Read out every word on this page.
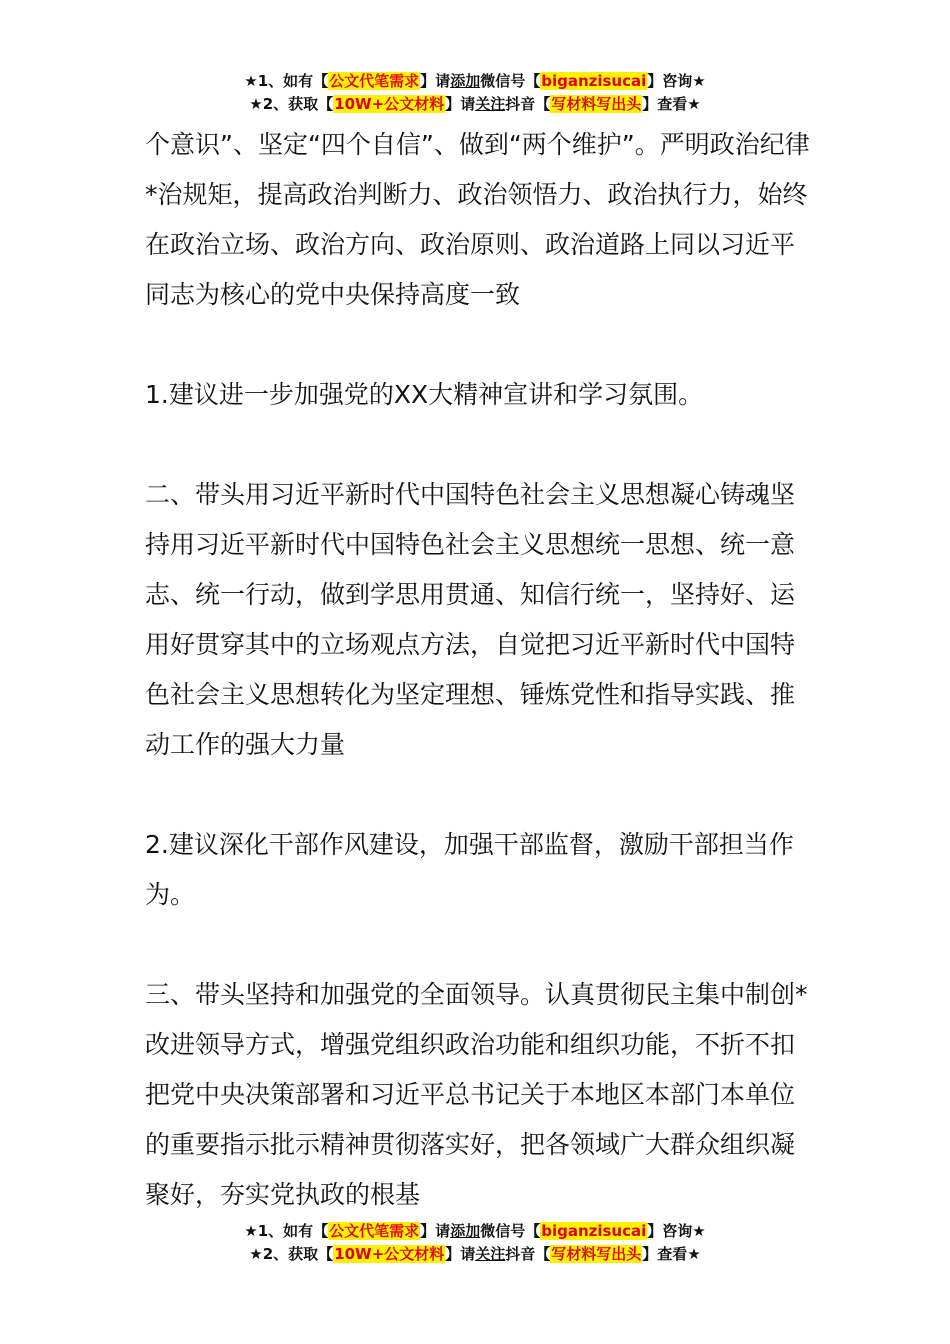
★1、如有【公文代笔需求】请添加微信号【biganzisucai】咨询★
★2、获取【10W+公文材料】请关注抖音【写材料写出头】查看★

个意识”、坚定“四个自信”、做到“两个维护”。严明政治纪律*治规矩，提高政治判断力、政治领悟力、政治执行力，始终在政治立场、政治方向、政治原则、政治道路上同以习近平同志为核心的党中央保持高度一致

1.建议进一步加强党的XX大精神宣讲和学习氛围。

二、带头用习近平新时代中国特色社会主义思想凝心铸魂坚持用习近平新时代中国特色社会主义思想统一思想、统一意志、统一行动，做到学思用贯通、知信行统一，坚持好、运用好贯穿其中的立场观点方法，自觉把习近平新时代中国特色社会主义思想转化为坚定理想、锤炼党性和指导实践、推动工作的强大力量

2.建议深化干部作风建设，加强干部监督，激励干部担当作为。

三、带头坚持和加强党的全面领导。认真贯彻民主集中制创*改进领导方式，增强党组织政治功能和组织功能，不折不扣把党中央决策部署和习近平总书记关于本地区本部门本单位的重要指示批示精神贯彻落实好，把各领域广大群众组织凝聚好，夯实党执政的根基

★1、如有【公文代笔需求】请添加微信号【biganzisucai】咨询★
★2、获取【10W+公文材料】请关注抖音【写材料写出头】查看★
